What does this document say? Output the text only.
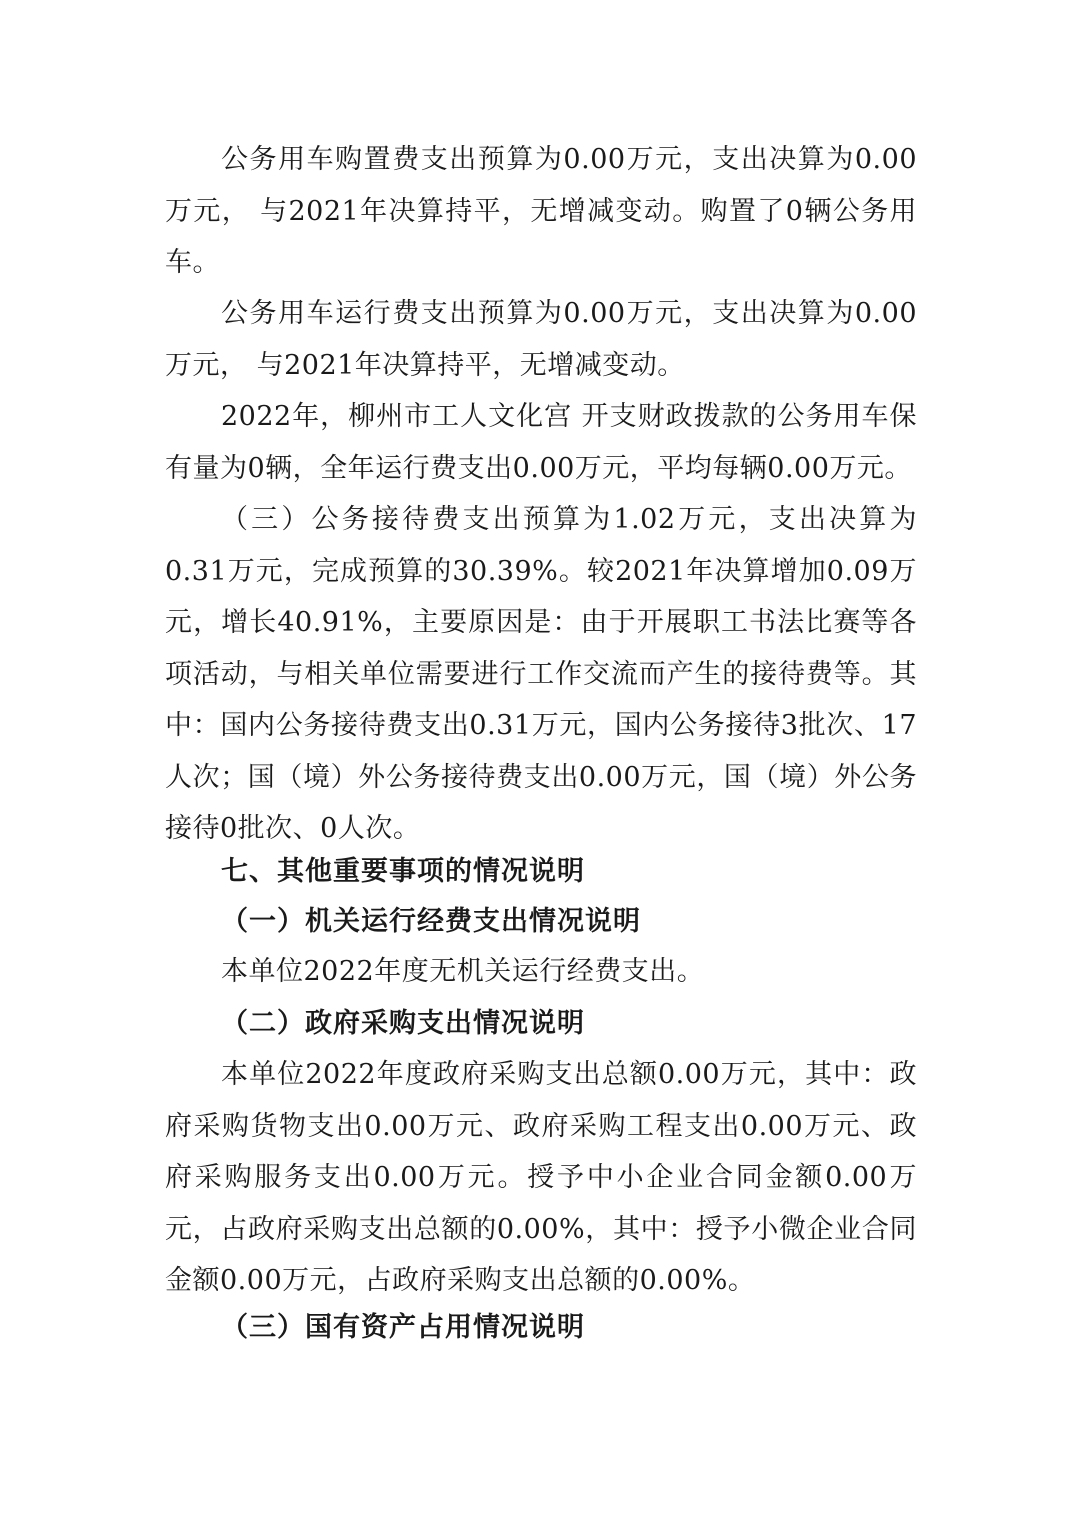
公务用车购置费支出预算为0.00万元，支出决算为0.00万元， 与2021年决算持平，无增减变动。购置了0辆公务用车。

公务用车运行费支出预算为0.00万元，支出决算为0.00万元， 与2021年决算持平，无增减变动。

2022年，柳州市工人文化宫 开支财政拨款的公务用车保有量为0辆，全年运行费支出0.00万元，平均每辆0.00万元。

（三）公务接待费支出预算为1.02万元，支出决算为0.31万元，完成预算的30.39%。较2021年决算增加0.09万元，增长40.91%，主要原因是：由于开展职工书法比赛等各项活动，与相关单位需要进行工作交流而产生的接待费等。其中：国内公务接待费支出0.31万元，国内公务接待3批次、17人次；国（境）外公务接待费支出0.00万元，国（境）外公务接待0批次、0人次。

七、其他重要事项的情况说明
（一）机关运行经费支出情况说明

本单位2022年度无机关运行经费支出。

（二）政府采购支出情况说明

本单位2022年度政府采购支出总额0.00万元，其中：政府采购货物支出0.00万元、政府采购工程支出0.00万元、政府采购服务支出0.00万元。授予中小企业合同金额0.00万元，占政府采购支出总额的0.00%，其中：授予小微企业合同金额0.00万元，占政府采购支出总额的0.00%。

（三）国有资产占用情况说明
